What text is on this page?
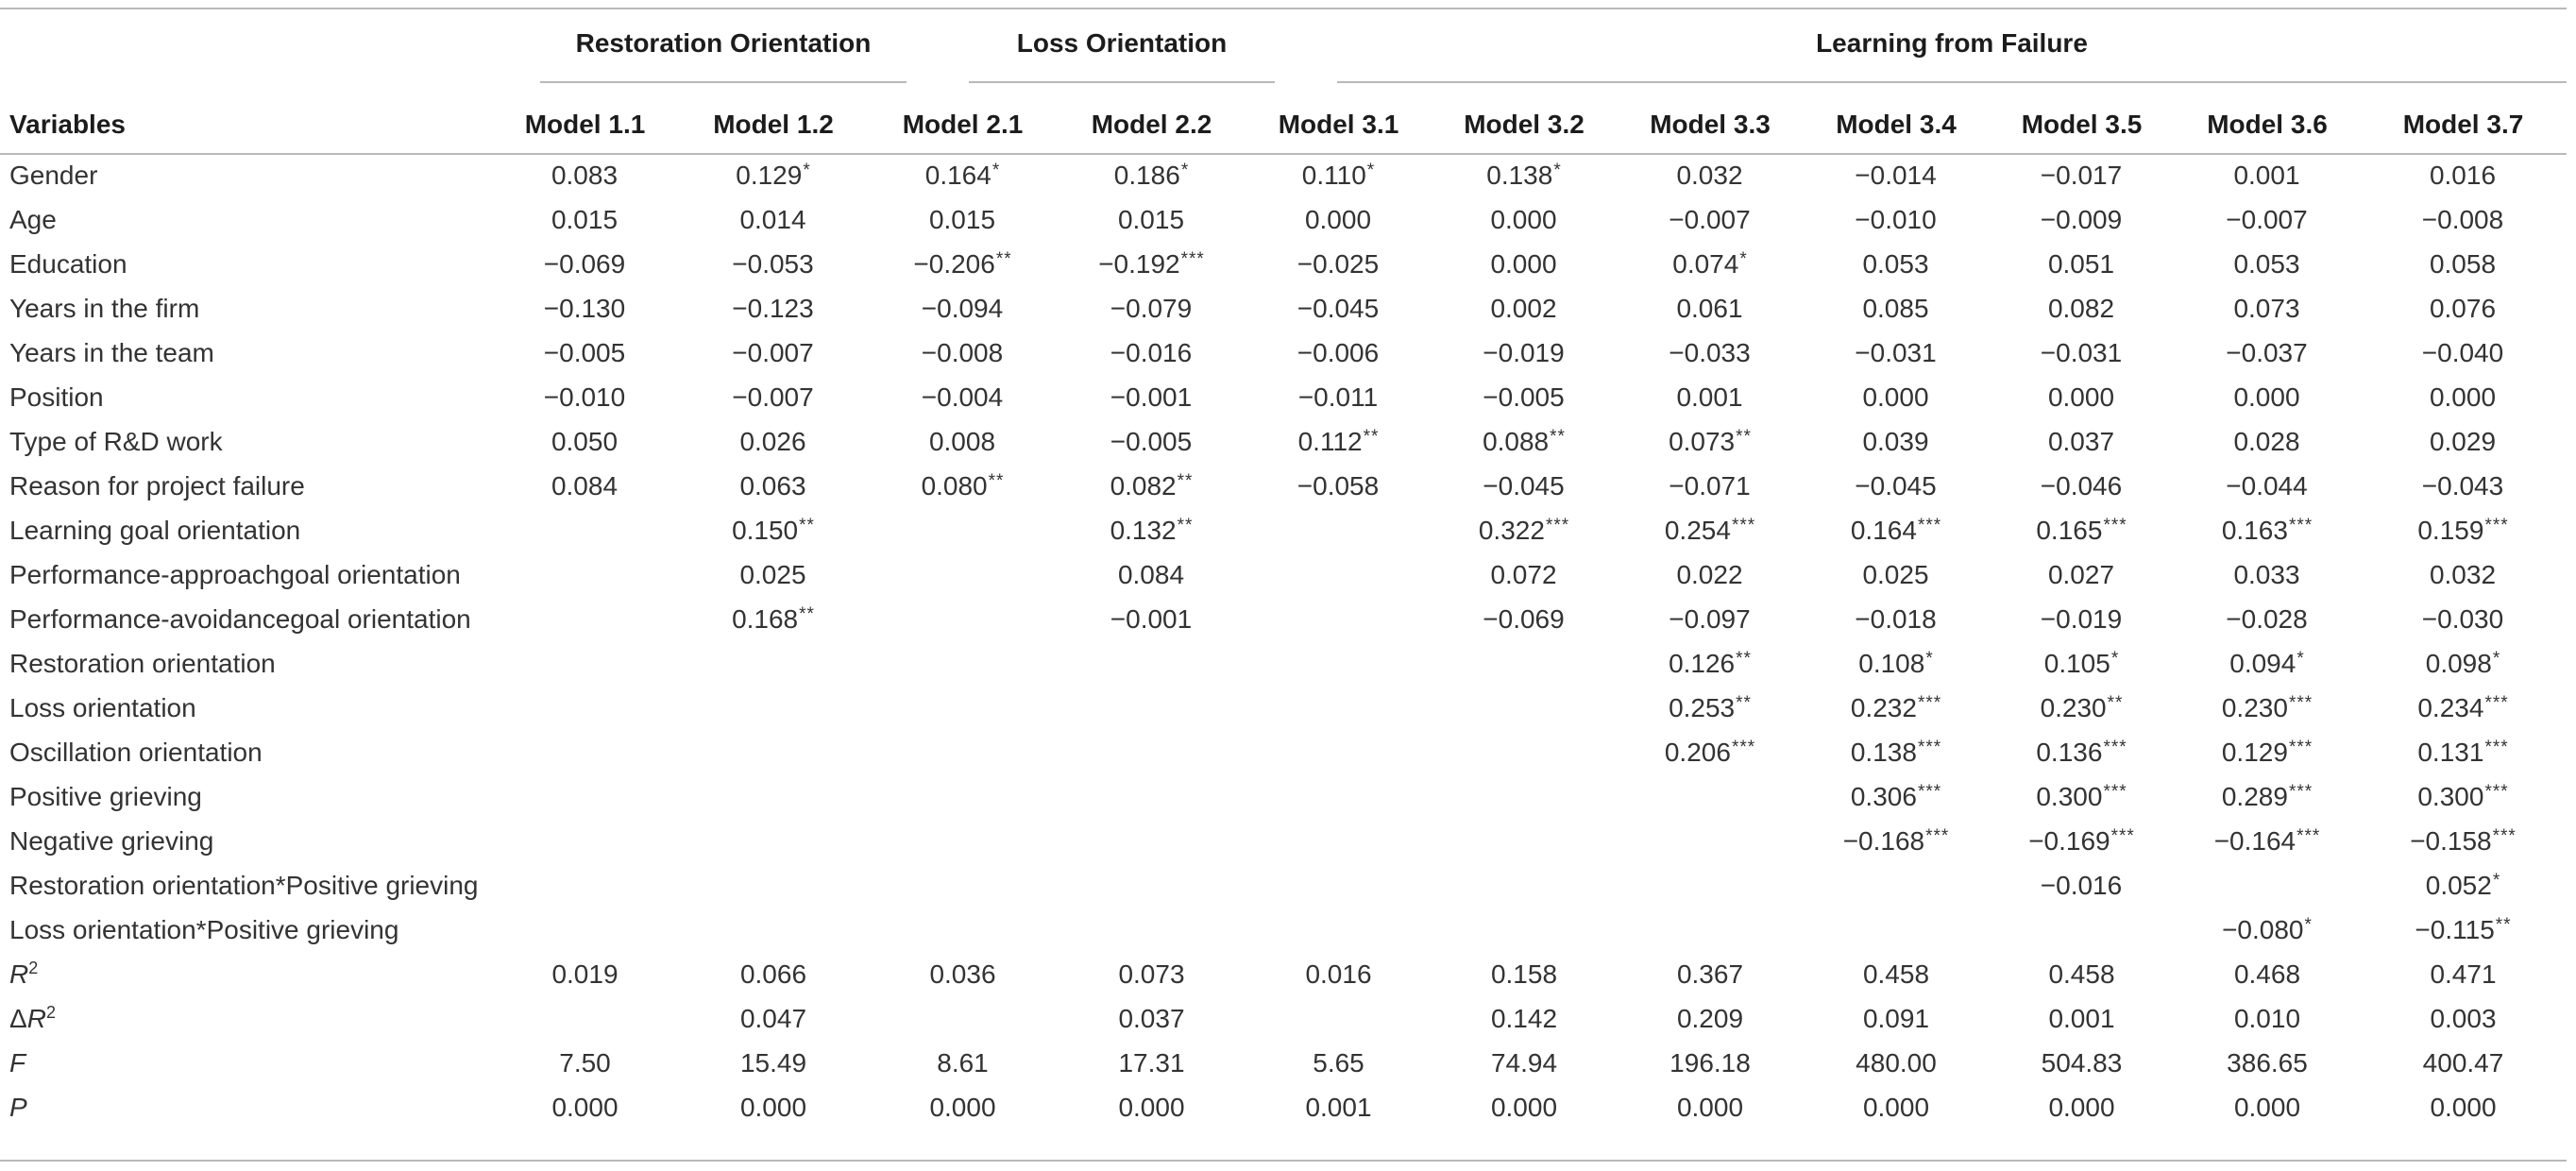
Restoration Orientation	Loss Orientation	Learning from Failure
Variables	Model 1.1	Model 1.2	Model 2.1	Model 2.2	Model 3.1	Model 3.2	Model 3.3	Model 3.4	Model 3.5	Model 3.6	Model 3.7
Gender	0.083	0.129*	0.164*	0.186*	0.110*	0.138*	0.032	−0.014	−0.017	0.001	0.016
Age	0.015	0.014	0.015	0.015	0.000	0.000	−0.007	−0.010	−0.009	−0.007	−0.008
Education	−0.069	−0.053	−0.206**	−0.192***	−0.025	0.000	0.074*	0.053	0.051	0.053	0.058
Years in the firm	−0.130	−0.123	−0.094	−0.079	−0.045	0.002	0.061	0.085	0.082	0.073	0.076
Years in the team	−0.005	−0.007	−0.008	−0.016	−0.006	−0.019	−0.033	−0.031	−0.031	−0.037	−0.040
Position	−0.010	−0.007	−0.004	−0.001	−0.011	−0.005	0.001	0.000	0.000	0.000	0.000
Type of R&D work	0.050	0.026	0.008	−0.005	0.112**	0.088**	0.073**	0.039	0.037	0.028	0.029
Reason for project failure	0.084	0.063	0.080**	0.082**	−0.058	−0.045	−0.071	−0.045	−0.046	−0.044	−0.043
Learning goal orientation		0.150**		0.132**		0.322***	0.254***	0.164***	0.165***	0.163***	0.159***
Performance-approachgoal orientation		0.025		0.084		0.072	0.022	0.025	0.027	0.033	0.032
Performance-avoidancegoal orientation		0.168**		−0.001		−0.069	−0.097	−0.018	−0.019	−0.028	−0.030
Restoration orientation							0.126**	0.108*	0.105*	0.094*	0.098*
Loss orientation							0.253**	0.232***	0.230**	0.230***	0.234***
Oscillation orientation							0.206***	0.138***	0.136***	0.129***	0.131***
Positive grieving								0.306***	0.300***	0.289***	0.300***
Negative grieving								−0.168***	−0.169***	−0.164***	−0.158***
Restoration orientation*Positive grieving									−0.016		0.052*
Loss orientation*Positive grieving										−0.080*	−0.115**
$R^2$	0.019	0.066	0.036	0.073	0.016	0.158	0.367	0.458	0.458	0.468	0.471
$\Delta R^2$		0.047		0.037		0.142	0.209	0.091	0.001	0.010	0.003
F	7.50	15.49	8.61	17.31	5.65	74.94	196.18	480.00	504.83	386.65	400.47
P	0.000	0.000	0.000	0.000	0.001	0.000	0.000	0.000	0.000	0.000	0.000
